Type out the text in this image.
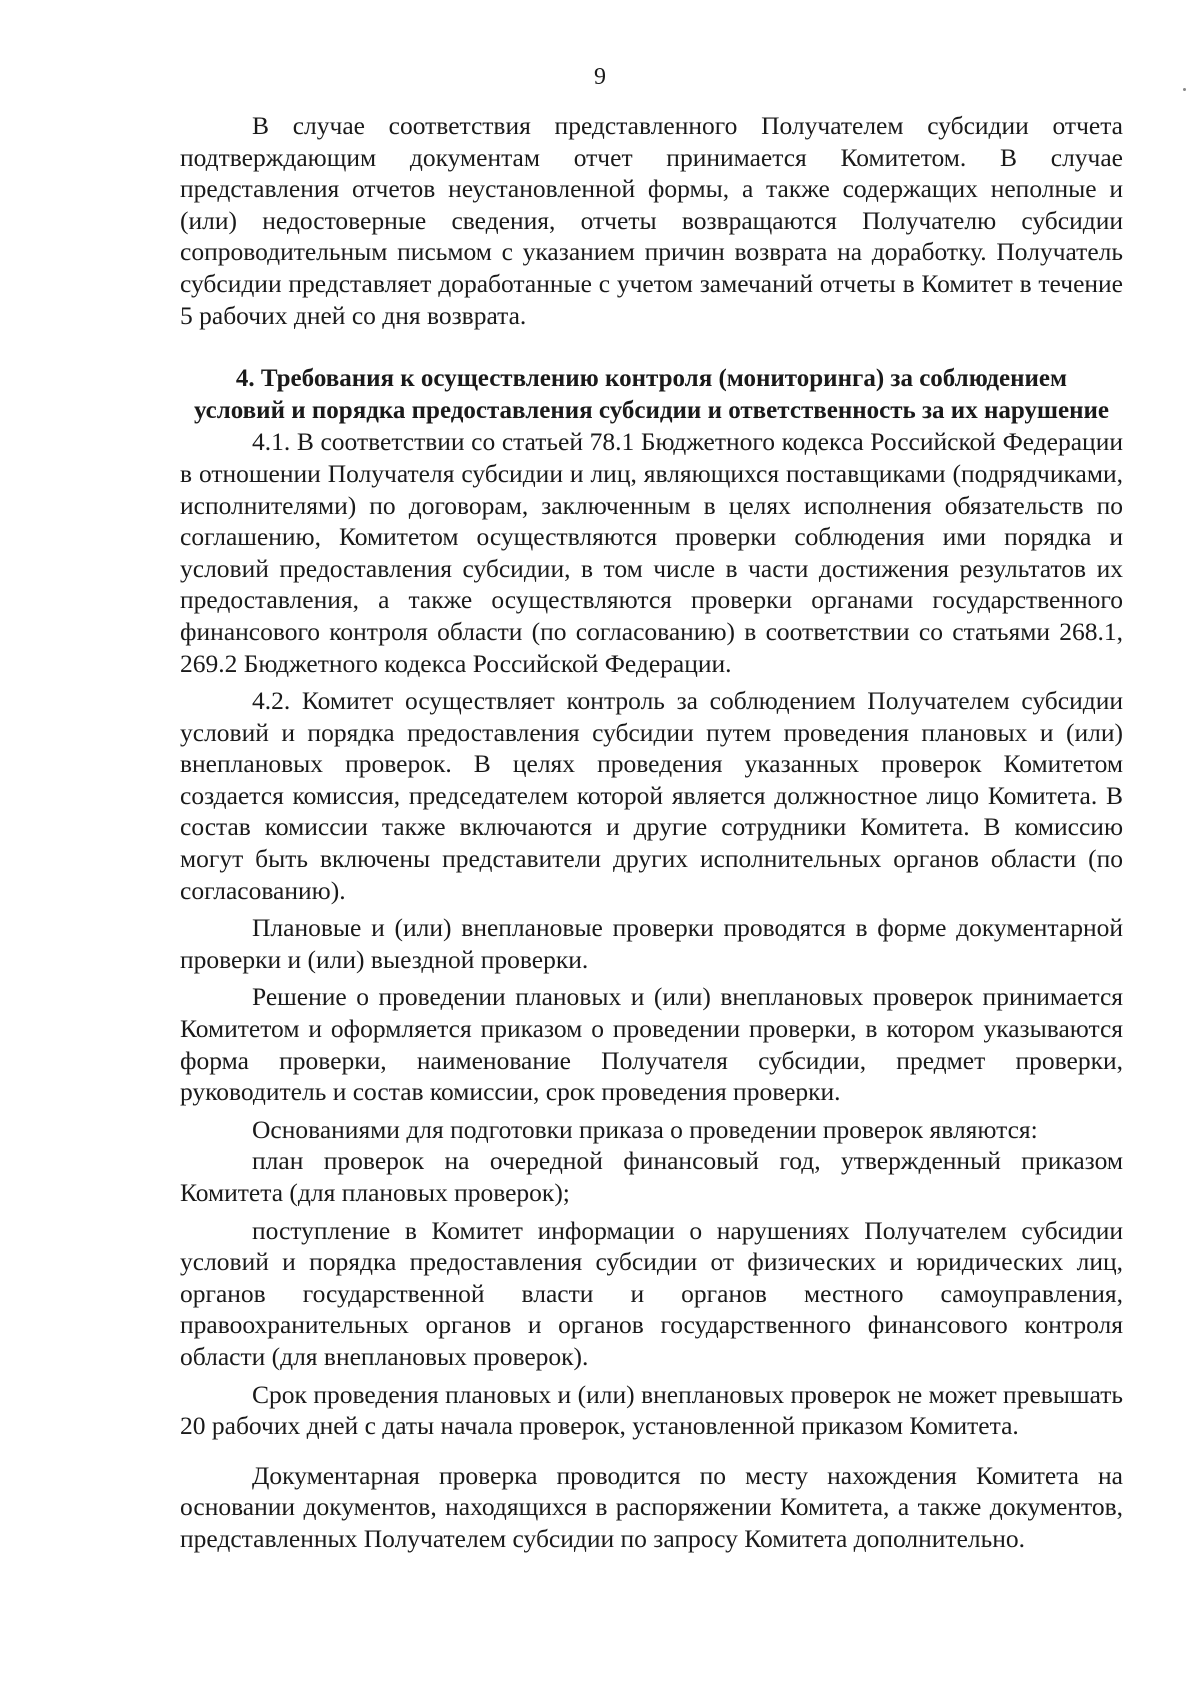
9

В случае соответствия представленного Получателем субсидии отчета подтверждающим документам отчет принимается Комитетом. В случае представления отчетов неустановленной формы, а также содержащих неполные и (или) недостоверные сведения, отчеты возвращаются Получателю субсидии сопроводительным письмом с указанием причин возврата на доработку. Получатель субсидии представляет доработанные с учетом замечаний отчеты в Комитет в течение 5 рабочих дней со дня возврата.

4. Требования к осуществлению контроля (мониторинга) за соблюдением
условий и порядка предоставления субсидии и ответственность за их нарушение

4.1. В соответствии со статьей 78.1 Бюджетного кодекса Российской Федерации в отношении Получателя субсидии и лиц, являющихся поставщиками (подрядчиками, исполнителями) по договорам, заключенным в целях исполнения обязательств по соглашению, Комитетом осуществляются проверки соблюдения ими порядка и условий предоставления субсидии, в том числе в части достижения результатов их предоставления, а также осуществляются проверки органами государственного финансового контроля области (по согласованию) в соответствии со статьями 268.1, 269.2 Бюджетного кодекса Российской Федерации.

4.2. Комитет осуществляет контроль за соблюдением Получателем субсидии условий и порядка предоставления субсидии путем проведения плановых и (или) внеплановых проверок. В целях проведения указанных проверок Комитетом создается комиссия, председателем которой является должностное лицо Комитета. В состав комиссии также включаются и другие сотрудники Комитета. В комиссию могут быть включены представители других исполнительных органов области (по согласованию).

Плановые и (или) внеплановые проверки проводятся в форме документарной проверки и (или) выездной проверки.

Решение о проведении плановых и (или) внеплановых проверок принимается Комитетом и оформляется приказом о проведении проверки, в котором указываются форма проверки, наименование Получателя субсидии, предмет проверки, руководитель и состав комиссии, срок проведения проверки.

Основаниями для подготовки приказа о проведении проверок являются:

план проверок на очередной финансовый год, утвержденный приказом Комитета (для плановых проверок);

поступление в Комитет информации о нарушениях Получателем субсидии условий и порядка предоставления субсидии от физических и юридических лиц, органов государственной власти и органов местного самоуправления, правоохранительных органов и органов государственного финансового контроля области (для внеплановых проверок).

Срок проведения плановых и (или) внеплановых проверок не может превышать 20 рабочих дней с даты начала проверок, установленной приказом Комитета.

Документарная проверка проводится по месту нахождения Комитета на основании документов, находящихся в распоряжении Комитета, а также документов, представленных Получателем субсидии по запросу Комитета дополнительно.
